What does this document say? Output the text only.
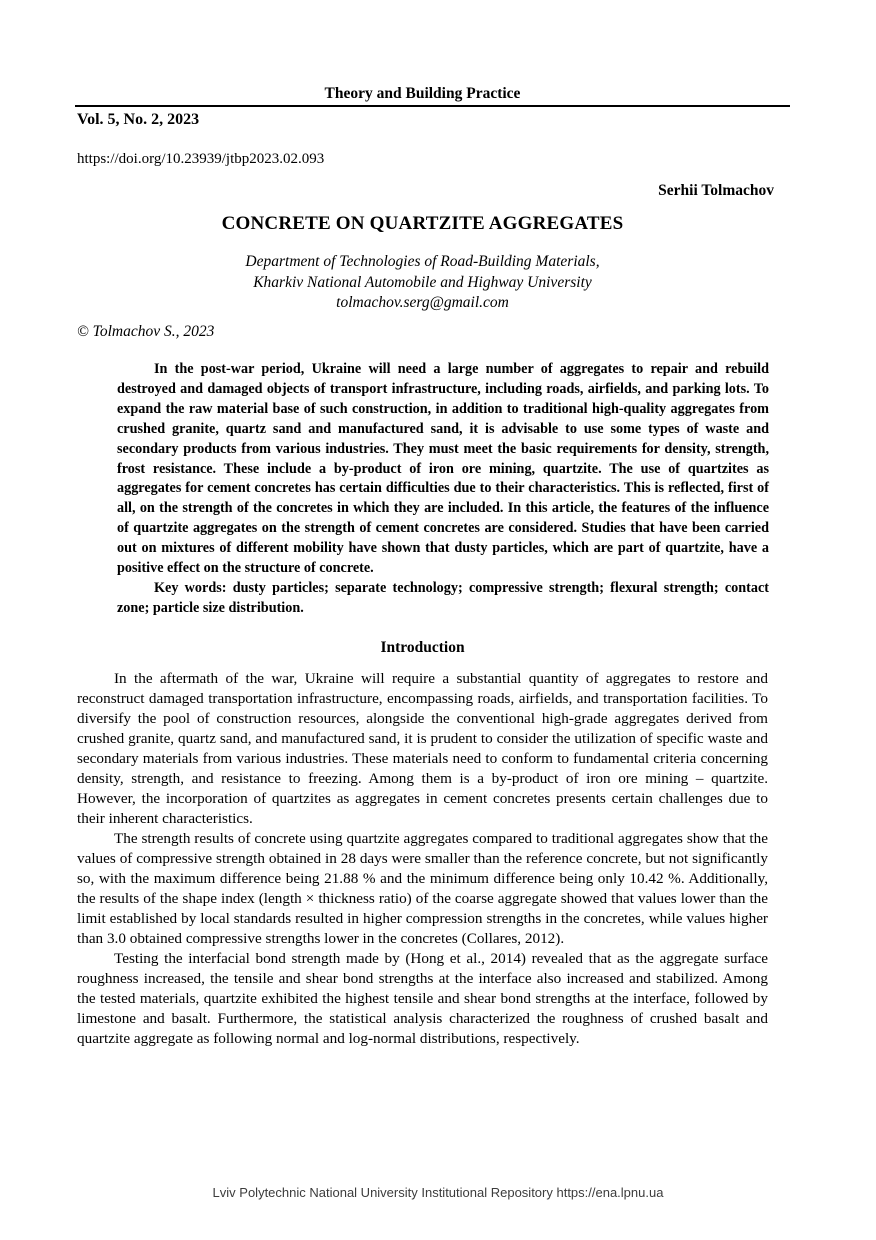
Theory and Building Practice
Vol. 5, No. 2, 2023
https://doi.org/10.23939/jtbp2023.02.093
Serhii Tolmachov
CONCRETE ON QUARTZITE AGGREGATES
Department of Technologies of Road-Building Materials,
Kharkiv National Automobile and Highway University
tolmachov.serg@gmail.com
© Tolmachov S., 2023

In the post-war period, Ukraine will need a large number of aggregates to repair and rebuild destroyed and damaged objects of transport infrastructure, including roads, airfields, and parking lots. To expand the raw material base of such construction, in addition to traditional high-quality aggregates from crushed granite, quartz sand and manufactured sand, it is advisable to use some types of waste and secondary products from various industries. They must meet the basic requirements for density, strength, frost resistance. These include a by-product of iron ore mining, quartzite. The use of quartzites as aggregates for cement concretes has certain difficulties due to their characteristics. This is reflected, first of all, on the strength of the concretes in which they are included. In this article, the features of the influence of quartzite aggregates on the strength of cement concretes are considered. Studies that have been carried out on mixtures of different mobility have shown that dusty particles, which are part of quartzite, have a positive effect on the structure of concrete.

Key words: dusty particles; separate technology; compressive strength; flexural strength; contact zone; particle size distribution.

Introduction

In the aftermath of the war, Ukraine will require a substantial quantity of aggregates to restore and reconstruct damaged transportation infrastructure, encompassing roads, airfields, and transportation facilities. To diversify the pool of construction resources, alongside the conventional high-grade aggregates derived from crushed granite, quartz sand, and manufactured sand, it is prudent to consider the utilization of specific waste and secondary materials from various industries. These materials need to conform to fundamental criteria concerning density, strength, and resistance to freezing. Among them is a by-product of iron ore mining – quartzite. However, the incorporation of quartzites as aggregates in cement concretes presents certain challenges due to their inherent characteristics.

The strength results of concrete using quartzite aggregates compared to traditional aggregates show that the values of compressive strength obtained in 28 days were smaller than the reference concrete, but not significantly so, with the maximum difference being 21.88 % and the minimum difference being only 10.42 %. Additionally, the results of the shape index (length × thickness ratio) of the coarse aggregate showed that values lower than the limit established by local standards resulted in higher compression strengths in the concretes, while values higher than 3.0 obtained compressive strengths lower in the concretes (Collares, 2012).

Testing the interfacial bond strength made by (Hong et al., 2014) revealed that as the aggregate surface roughness increased, the tensile and shear bond strengths at the interface also increased and stabilized. Among the tested materials, quartzite exhibited the highest tensile and shear bond strengths at the interface, followed by limestone and basalt. Furthermore, the statistical analysis characterized the roughness of crushed basalt and quartzite aggregate as following normal and log-normal distributions, respectively.

Lviv Polytechnic National University Institutional Repository https://ena.lpnu.ua
